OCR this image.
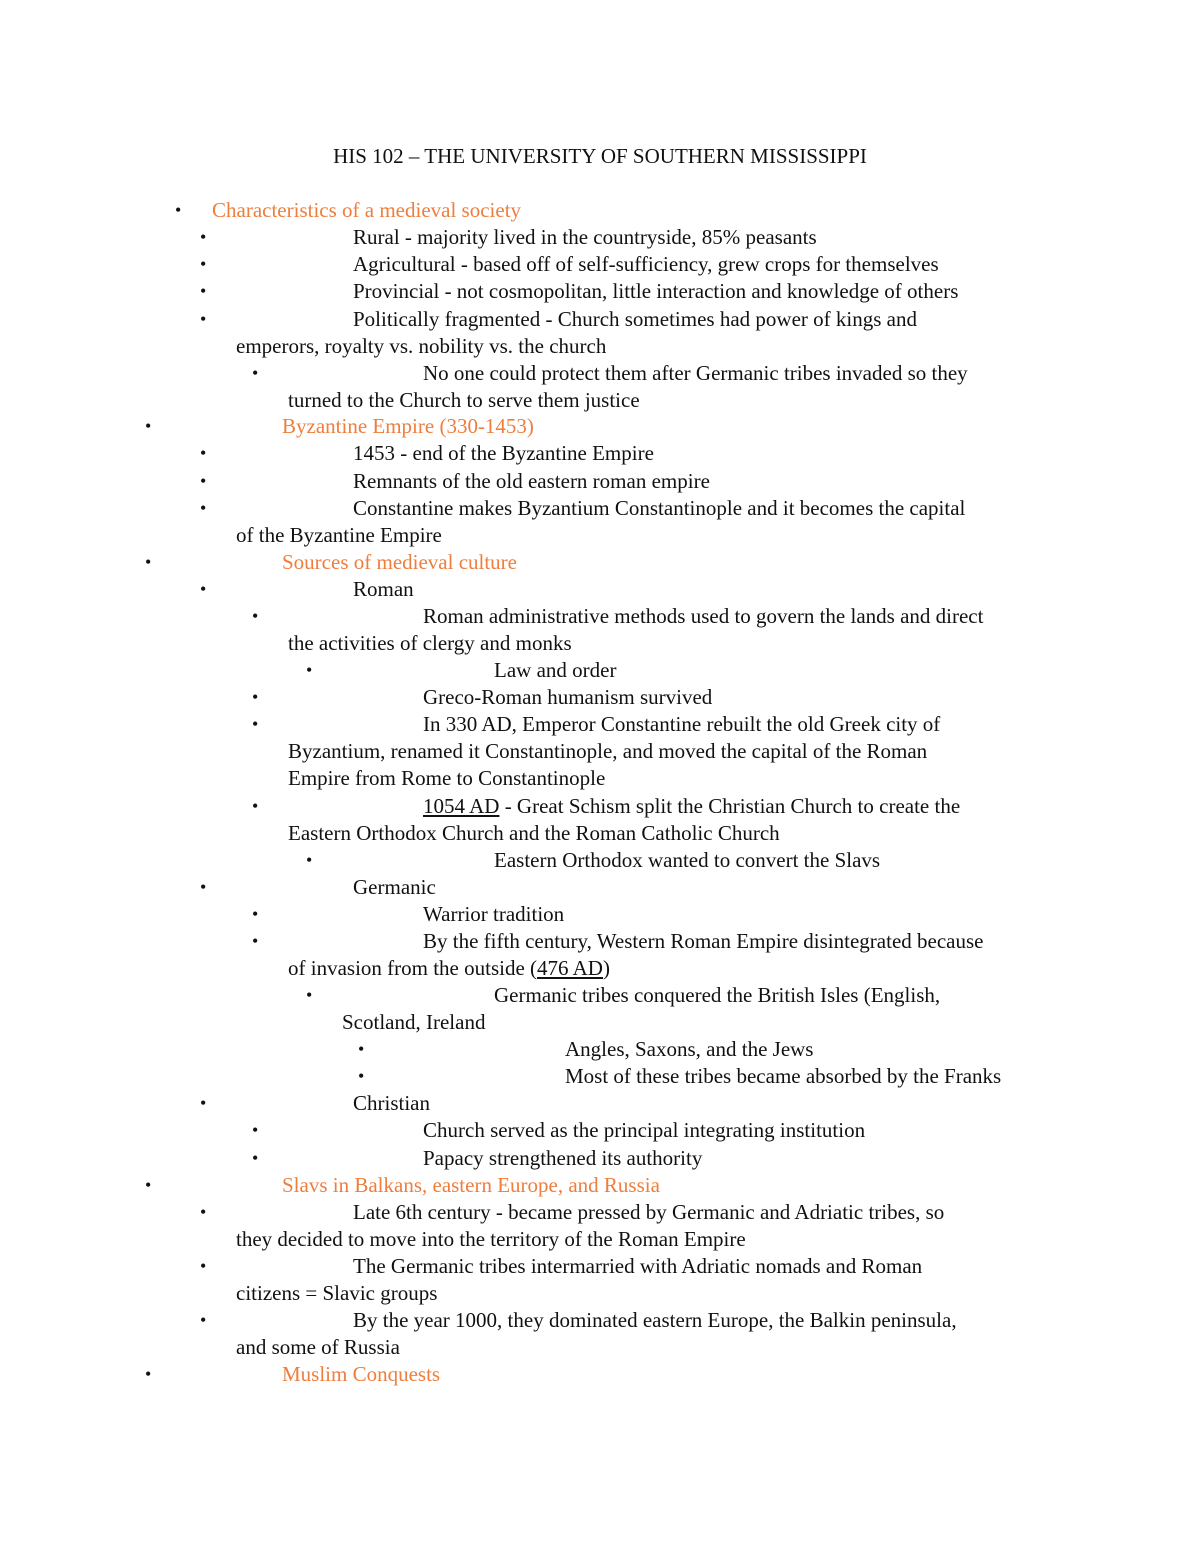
HIS 102 – THE UNIVERSITY OF SOUTHERN MISSISSIPPI
• Characteristics of a medieval society
•	Rural - majority lived in the countryside, 85% peasants
•	Agricultural - based off of self-sufficiency, grew crops for themselves
•	Provincial - not cosmopolitan, little interaction and knowledge of others
•	Politically fragmented - Church sometimes had power of kings and
emperors, royalty vs. nobility vs. the church
•	No one could protect them after Germanic tribes invaded so they
turned to the Church to serve them justice
•	Byzantine Empire (330-1453)
•	1453 - end of the Byzantine Empire
•	Remnants of the old eastern roman empire
•	Constantine makes Byzantium Constantinople and it becomes the capital
of the Byzantine Empire
•	Sources of medieval culture
•	Roman
•	Roman administrative methods used to govern the lands and direct
the activities of clergy and monks
•	Law and order
•	Greco-Roman humanism survived
•	In 330 AD, Emperor Constantine rebuilt the old Greek city of
Byzantium, renamed it Constantinople, and moved the capital of the Roman
Empire from Rome to Constantinople
•	1054 AD - Great Schism split the Christian Church to create the
Eastern Orthodox Church and the Roman Catholic Church
•	Eastern Orthodox wanted to convert the Slavs
•	Germanic
•	Warrior tradition
•	By the fifth century, Western Roman Empire disintegrated because
of invasion from the outside (476 AD)
•	Germanic tribes conquered the British Isles (English,
Scotland, Ireland
•	Angles, Saxons, and the Jews
•	Most of these tribes became absorbed by the Franks
•	Christian
•	Church served as the principal integrating institution
•	Papacy strengthened its authority
•	Slavs in Balkans, eastern Europe, and Russia
•	Late 6th century - became pressed by Germanic and Adriatic tribes, so
they decided to move into the territory of the Roman Empire
•	The Germanic tribes intermarried with Adriatic nomads and Roman
citizens = Slavic groups
•	By the year 1000, they dominated eastern Europe, the Balkin peninsula,
and some of Russia
•	Muslim Conquests
